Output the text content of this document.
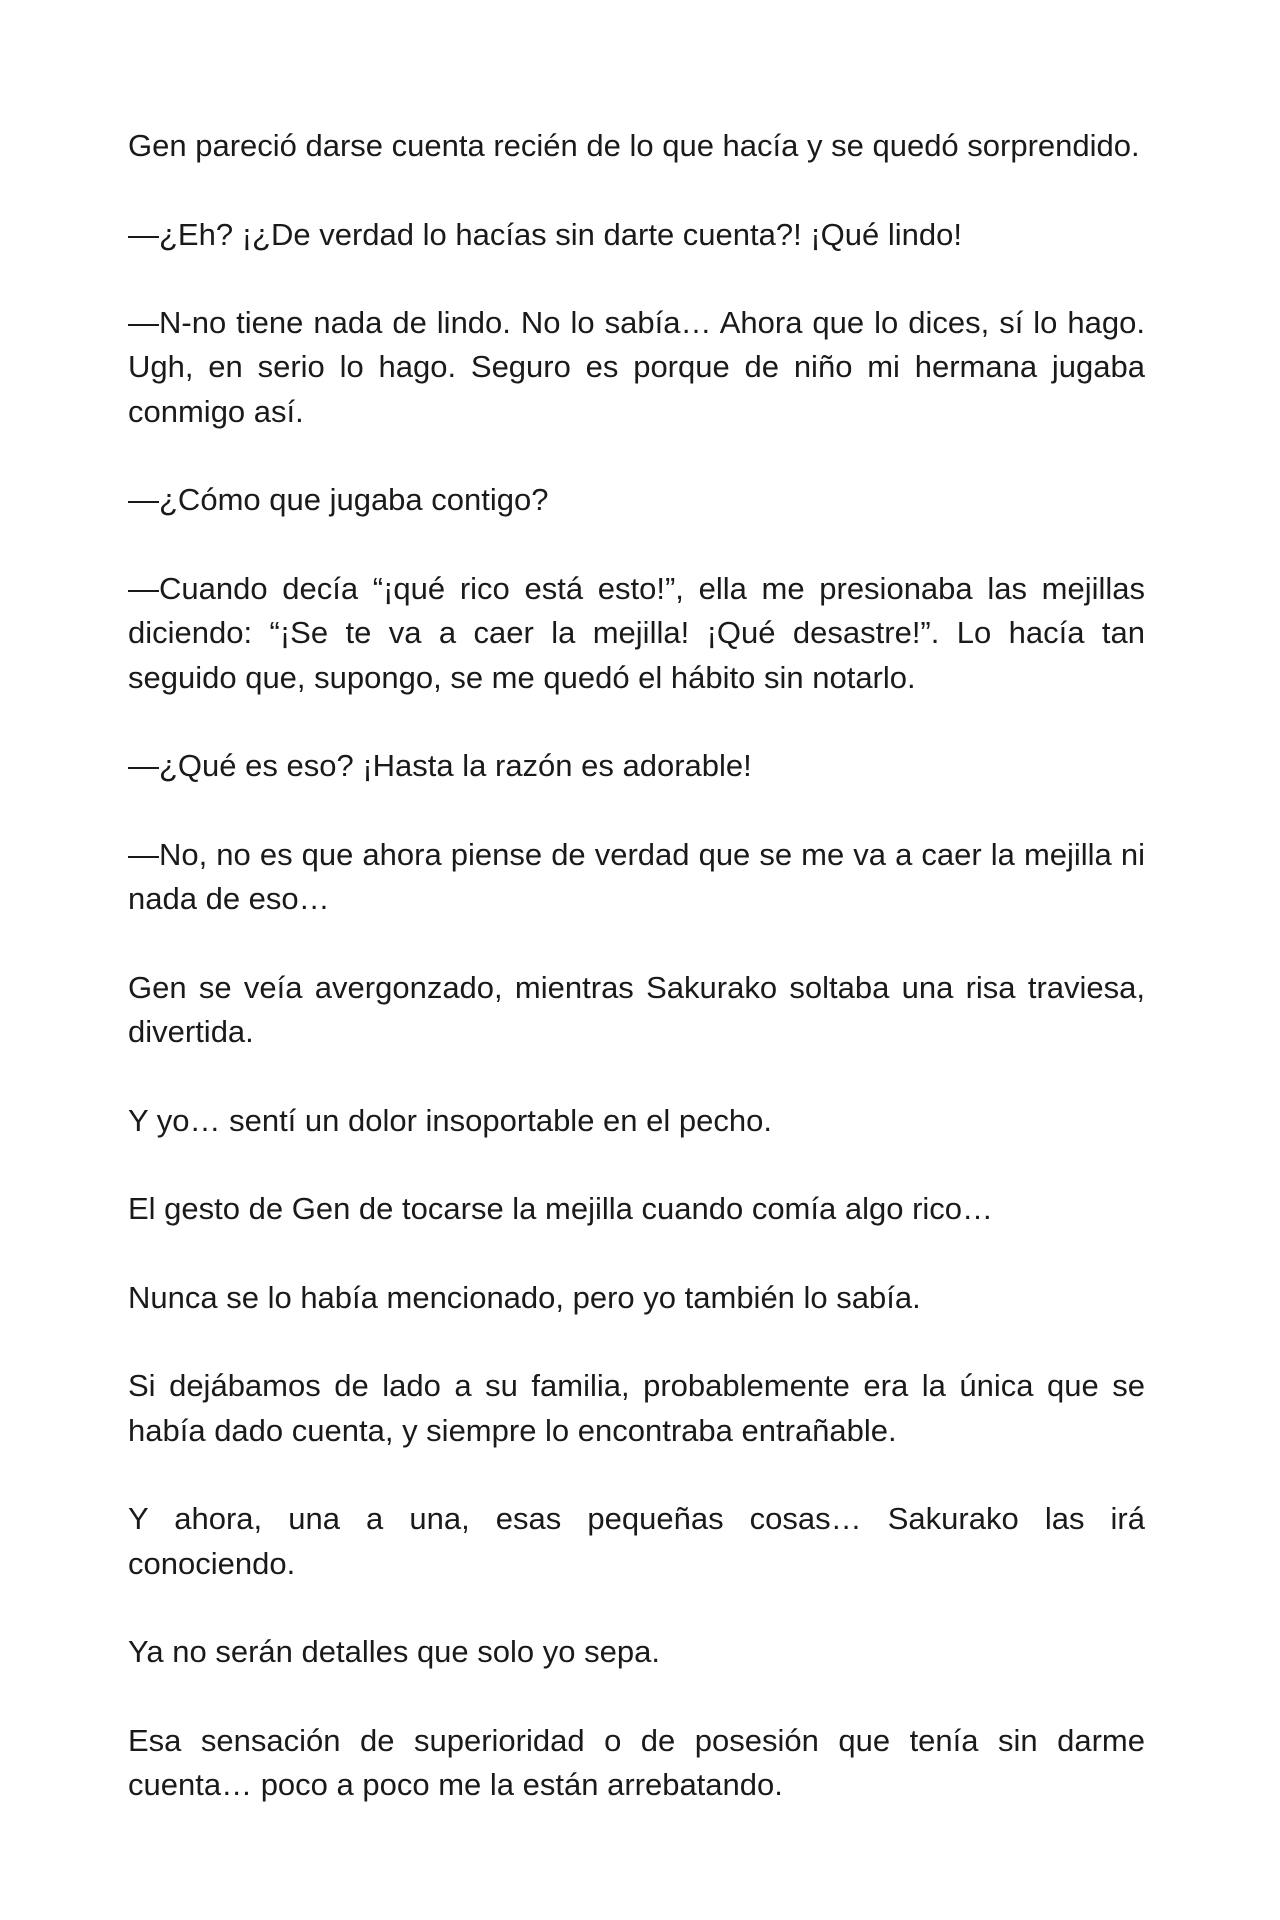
Gen pareció darse cuenta recién de lo que hacía y se quedó sorprendido.

—¿Eh? ¡¿De verdad lo hacías sin darte cuenta?! ¡Qué lindo!

—N-no tiene nada de lindo. No lo sabía… Ahora que lo dices, sí lo hago. Ugh, en serio lo hago. Seguro es porque de niño mi hermana jugaba conmigo así.

—¿Cómo que jugaba contigo?

—Cuando decía “¡qué rico está esto!”, ella me presionaba las mejillas diciendo: “¡Se te va a caer la mejilla! ¡Qué desastre!”. Lo hacía tan seguido que, supongo, se me quedó el hábito sin notarlo.

—¿Qué es eso? ¡Hasta la razón es adorable!

—No, no es que ahora piense de verdad que se me va a caer la mejilla ni nada de eso…

Gen se veía avergonzado, mientras Sakurako soltaba una risa traviesa, divertida.

Y yo… sentí un dolor insoportable en el pecho.

El gesto de Gen de tocarse la mejilla cuando comía algo rico…

Nunca se lo había mencionado, pero yo también lo sabía.

Si dejábamos de lado a su familia, probablemente era la única que se había dado cuenta, y siempre lo encontraba entrañable.

Y ahora, una a una, esas pequeñas cosas… Sakurako las irá conociendo.

Ya no serán detalles que solo yo sepa.

Esa sensación de superioridad o de posesión que tenía sin darme cuenta… poco a poco me la están arrebatando.
